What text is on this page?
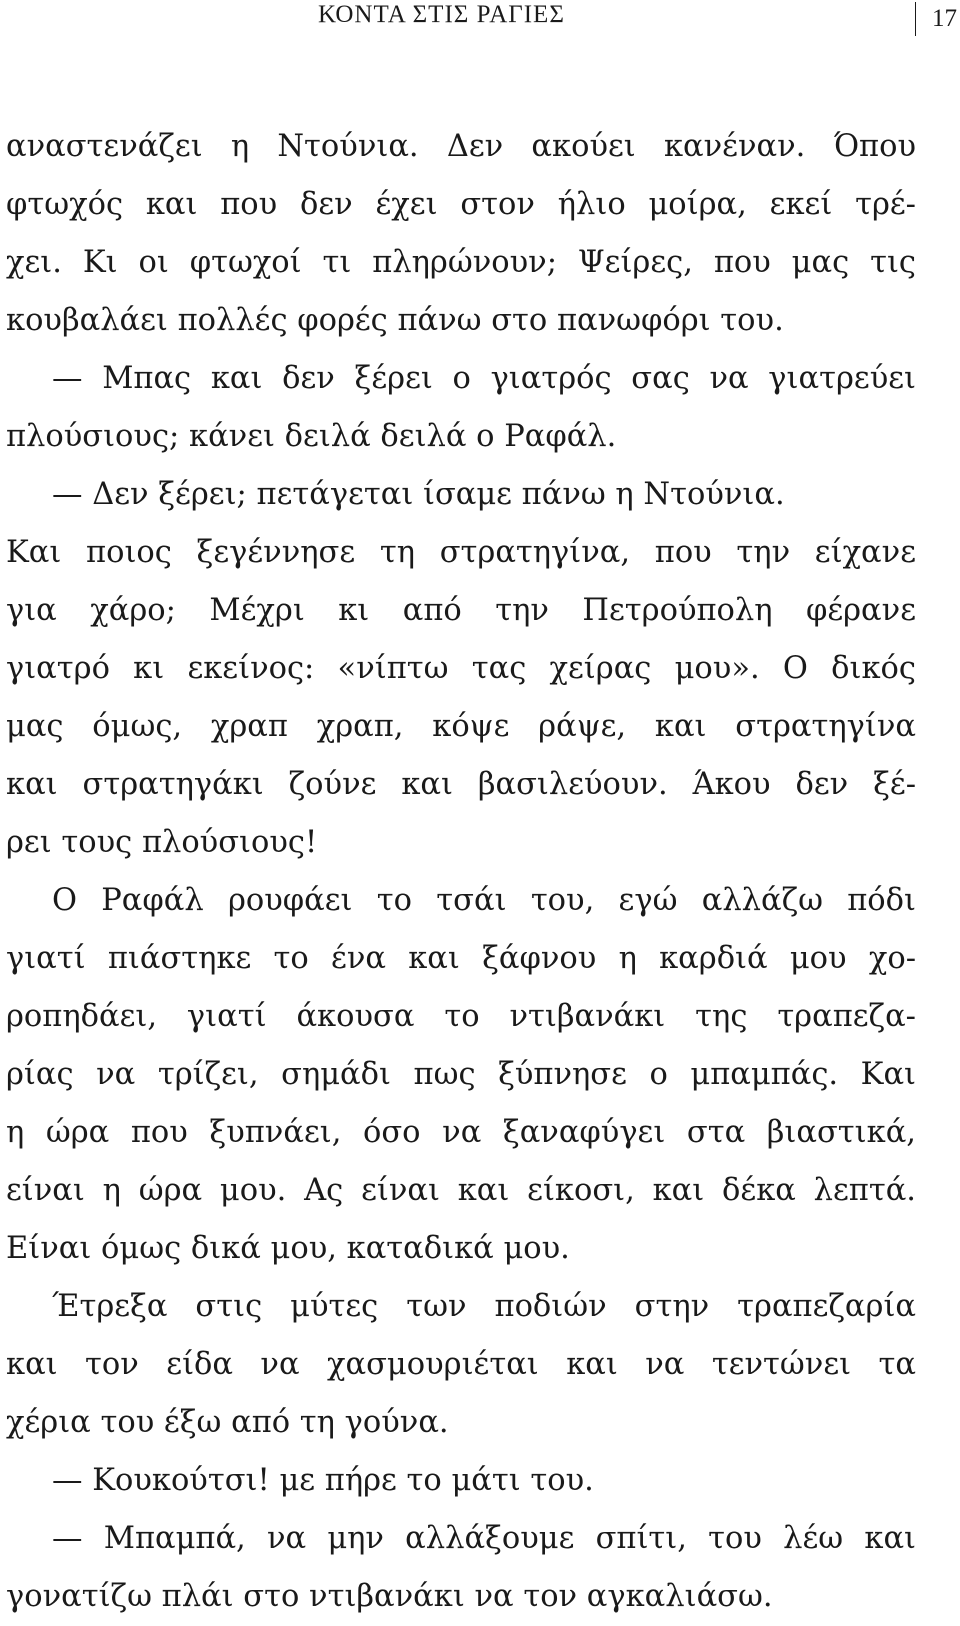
ΚΟΝΤΑ ΣΤΙΣ ΡΑΓΙΕΣ	17
αναστενάζει η Ντούνια. Δεν ακούει κανέναν. Όπου
φτωχός και που δεν έχει στον ήλιο μοίρα, εκεί τρέ-
χει. Κι οι φτωχοί τι πληρώνουν; Ψείρες, που μας τις
κουβαλάει πολλές φορές πάνω στο πανωφόρι του.
— Μπας και δεν ξέρει ο γιατρός σας να γιατρεύει
πλούσιους; κάνει δειλά δειλά ο Ραφάλ.
— Δεν ξέρει; πετάγεται ίσαμε πάνω η Ντούνια.
Και ποιος ξεγέννησε τη στρατηγίνα, που την είχανε
για χάρο; Μέχρι κι από την Πετρούπολη φέρανε
γιατρό κι εκείνος: «νίπτω τας χείρας μου». Ο δικός
μας όμως, χραπ χραπ, κόψε ράψε, και στρατηγίνα
και στρατηγάκι ζούνε και βασιλεύουν. Άκου δεν ξέ-
ρει τους πλούσιους!
Ο Ραφάλ ρουφάει το τσάι του, εγώ αλλάζω πόδι
γιατί πιάστηκε το ένα και ξάφνου η καρδιά μου χο-
ροπηδάει, γιατί άκουσα το ντιβανάκι της τραπεζα-
ρίας να τρίζει, σημάδι πως ξύπνησε ο μπαμπάς. Και
η ώρα που ξυπνάει, όσο να ξαναφύγει στα βιαστικά,
είναι η ώρα μου. Ας είναι και είκοσι, και δέκα λεπτά.
Είναι όμως δικά μου, καταδικά μου.
Έτρεξα στις μύτες των ποδιών στην τραπεζαρία
και τον είδα να χασμουριέται και να τεντώνει τα
χέρια του έξω από τη γούνα.
— Κουκούτσι! με πήρε το μάτι του.
— Μπαμπά, να μην αλλάξουμε σπίτι, του λέω και
γονατίζω πλάι στο ντιβανάκι να τον αγκαλιάσω.
